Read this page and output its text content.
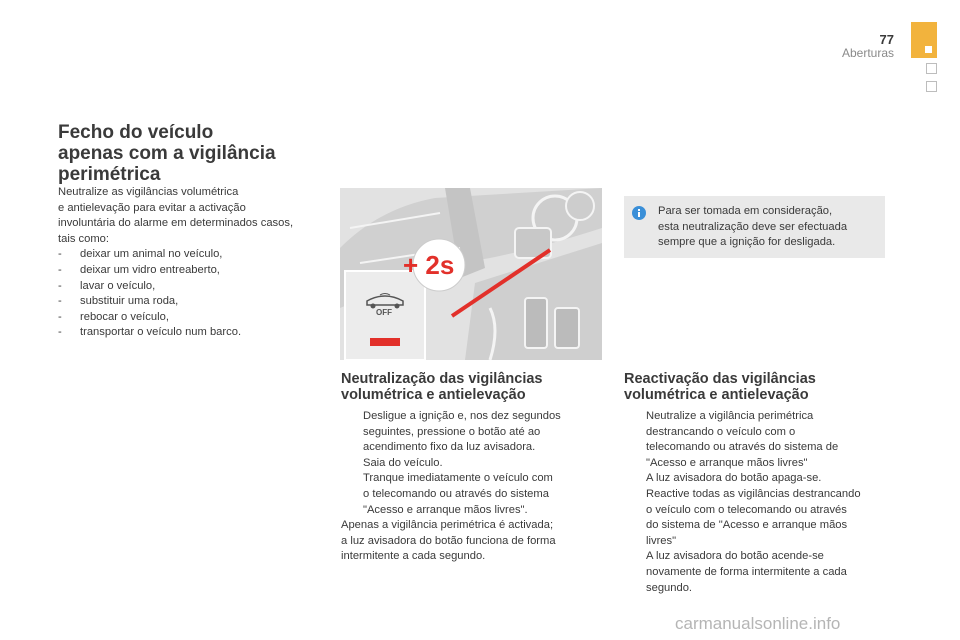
77
Aberturas
Fecho do veículo
apenas com a vigilância
perimétrica
Neutralize as vigilâncias volumétrica
e antielevação para evitar a activação
involuntária do alarme em determinados casos,
tais como:
- deixar um animal no veículo,
- deixar um vidro entreaberto,
- lavar o veículo,
- substituir uma roda,
- rebocar o veículo,
- transportar o veículo num barco.
OFF
+ 2s
Para ser tomada em consideração,
esta neutralização deve ser efectuada
sempre que a ignição for desligada.
Neutralização das vigilâncias
volumétrica e antielevação
Desligue a ignição e, nos dez segundos
seguintes, pressione o botão até ao
acendimento fixo da luz avisadora.
Saia do veículo.
Tranque imediatamente o veículo com
o telecomando ou através do sistema
"Acesso e arranque mãos livres".
Apenas a vigilância perimétrica é activada;
a luz avisadora do botão funciona de forma
intermitente a cada segundo.
Reactivação das vigilâncias
volumétrica e antielevação
Neutralize a vigilância perimétrica
destrancando o veículo com o
telecomando ou através do sistema de
"Acesso e arranque mãos livres"
A luz avisadora do botão apaga-se.
Reactive todas as vigilâncias destrancando
o veículo com o telecomando ou através
do sistema de "Acesso e arranque mãos
livres"
A luz avisadora do botão acende-se
novamente de forma intermitente a cada
segundo.
carmanualsonline.info
